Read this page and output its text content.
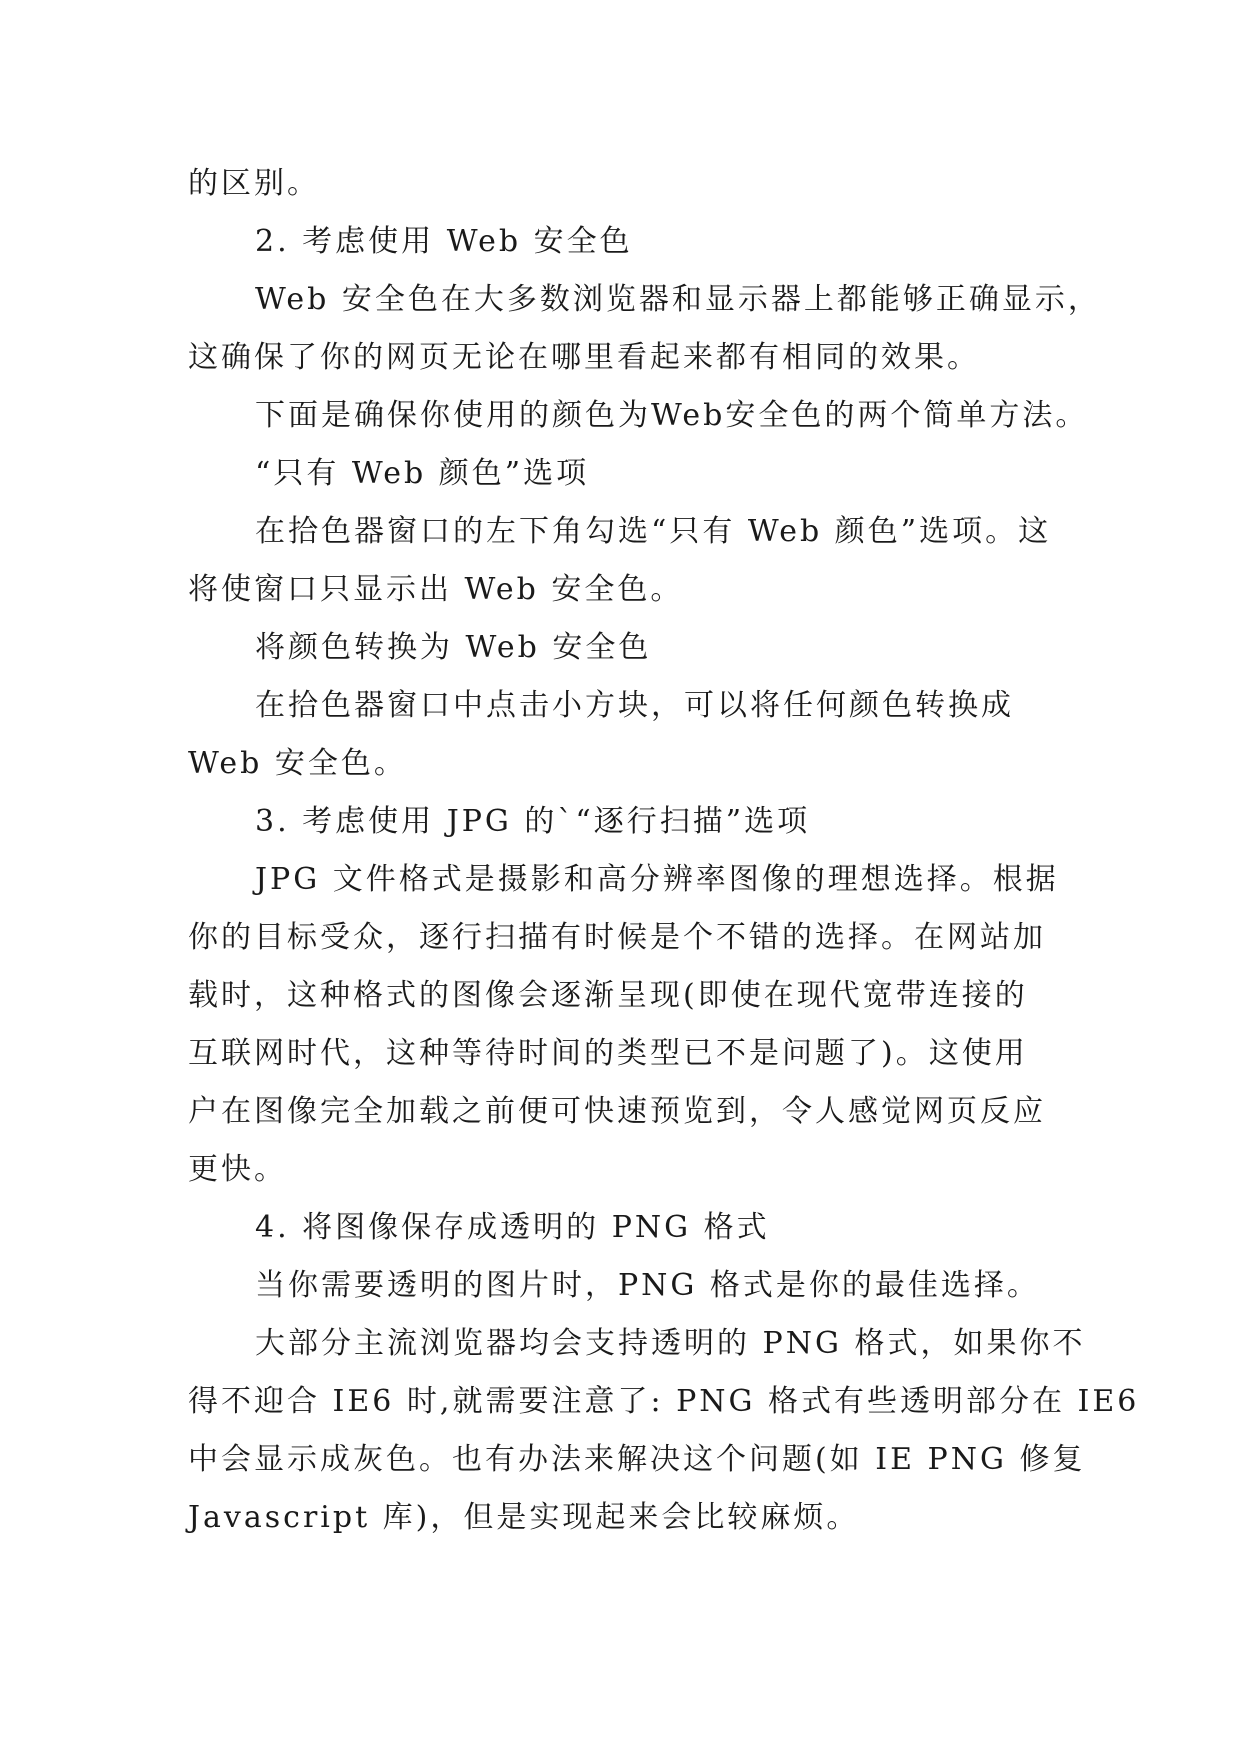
的区别。
2. 考虑使用 Web 安全色
Web 安全色在大多数浏览器和显示器上都能够正确显示，
这确保了你的网页无论在哪里看起来都有相同的效果。
下面是确保你使用的颜色为Web安全色的两个简单方法。
“只有 Web 颜色”选项
在拾色器窗口的左下角勾选“只有 Web 颜色”选项。这
将使窗口只显示出 Web 安全色。
将颜色转换为 Web 安全色
在拾色器窗口中点击小方块，可以将任何颜色转换成
Web 安全色。
3. 考虑使用 JPG 的`“逐行扫描”选项
JPG 文件格式是摄影和高分辨率图像的理想选择。根据
你的目标受众，逐行扫描有时候是个不错的选择。在网站加
载时，这种格式的图像会逐渐呈现(即使在现代宽带连接的
互联网时代，这种等待时间的类型已不是问题了)。这使用
户在图像完全加载之前便可快速预览到，令人感觉网页反应
更快。
4. 将图像保存成透明的 PNG 格式
当你需要透明的图片时，PNG 格式是你的最佳选择。
大部分主流浏览器均会支持透明的 PNG 格式，如果你不
得不迎合 IE6 时,就需要注意了: PNG 格式有些透明部分在 IE6
中会显示成灰色。也有办法来解决这个问题(如 IE PNG 修复
Javascript 库)，但是实现起来会比较麻烦。
